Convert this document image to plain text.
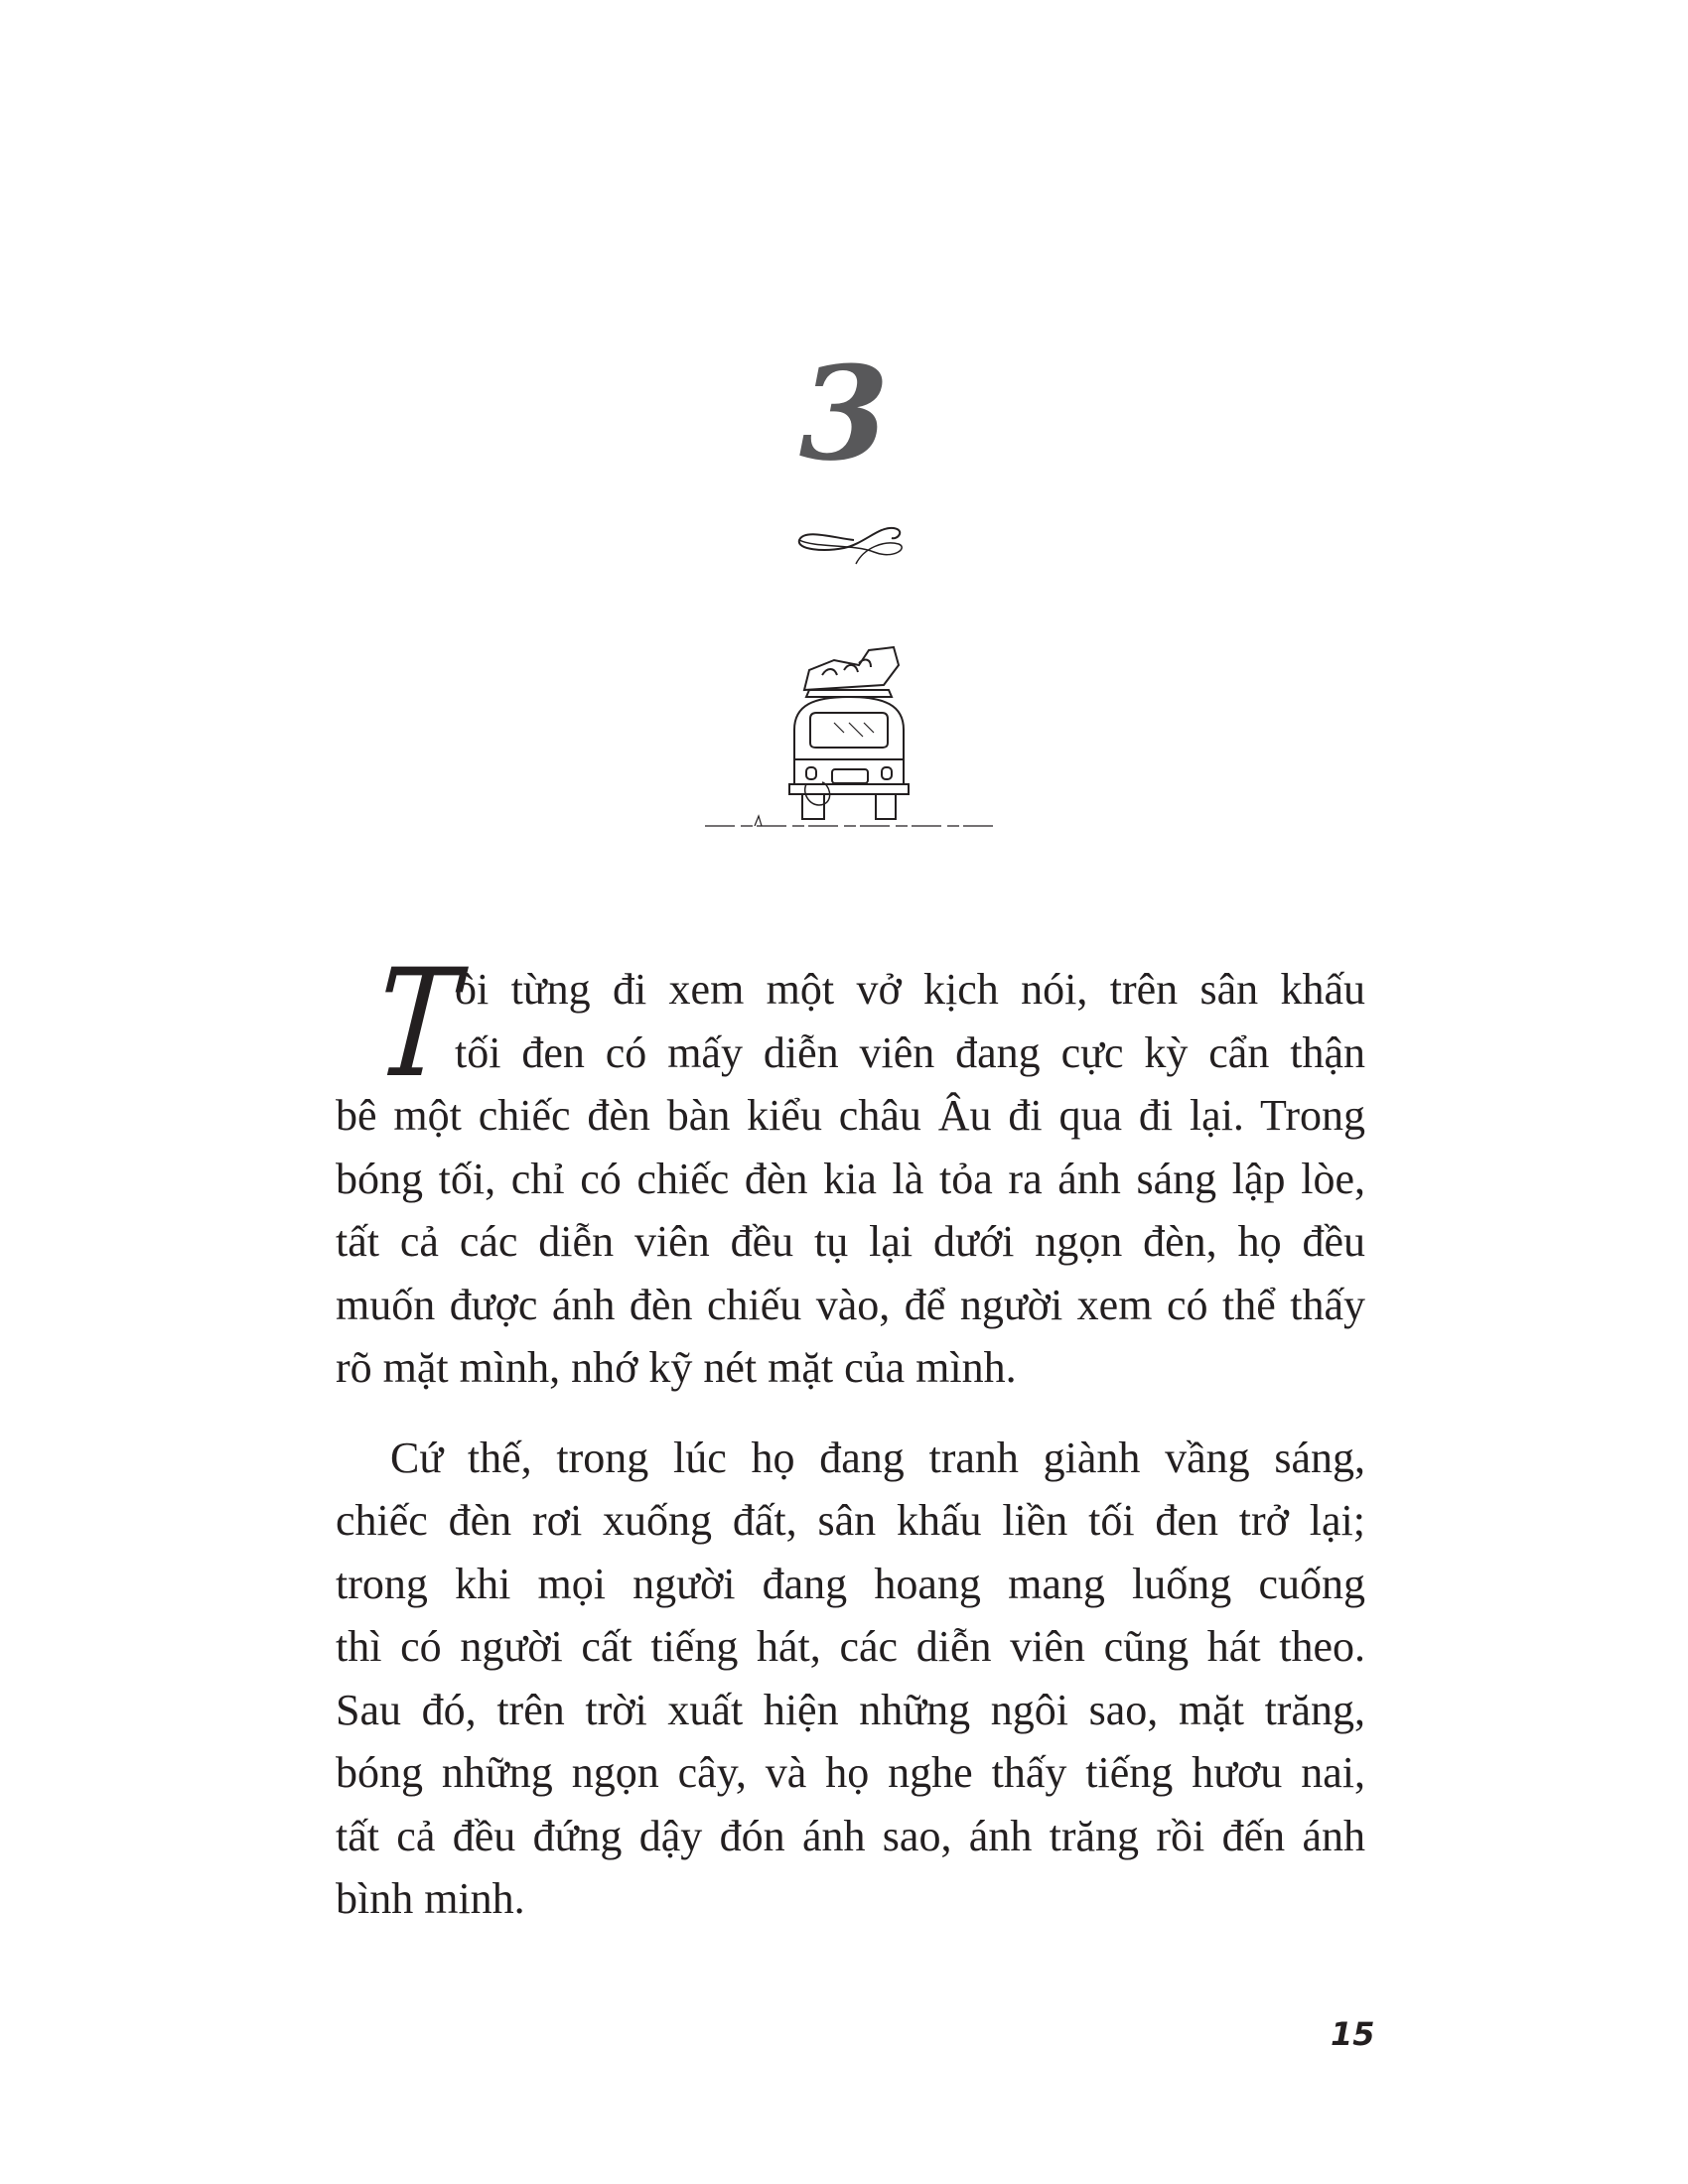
3
T
ôi từng đi xem một vở kịch nói, trên sân khấu
tối đen có mấy diễn viên đang cực kỳ cẩn thận
bê một chiếc đèn bàn kiểu châu Âu đi qua đi lại. Trong
bóng tối, chỉ có chiếc đèn kia là tỏa ra ánh sáng lập lòe,
tất cả các diễn viên đều tụ lại dưới ngọn đèn, họ đều
muốn được ánh đèn chiếu vào, để người xem có thể thấy
rõ mặt mình, nhớ kỹ nét mặt của mình.
Cứ thế, trong lúc họ đang tranh giành vầng sáng,
chiếc đèn rơi xuống đất, sân khấu liền tối đen trở lại;
trong khi mọi người đang hoang mang luống cuống
thì có người cất tiếng hát, các diễn viên cũng hát theo.
Sau đó, trên trời xuất hiện những ngôi sao, mặt trăng,
bóng những ngọn cây, và họ nghe thấy tiếng hươu nai,
tất cả đều đứng dậy đón ánh sao, ánh trăng rồi đến ánh
bình minh.
15
